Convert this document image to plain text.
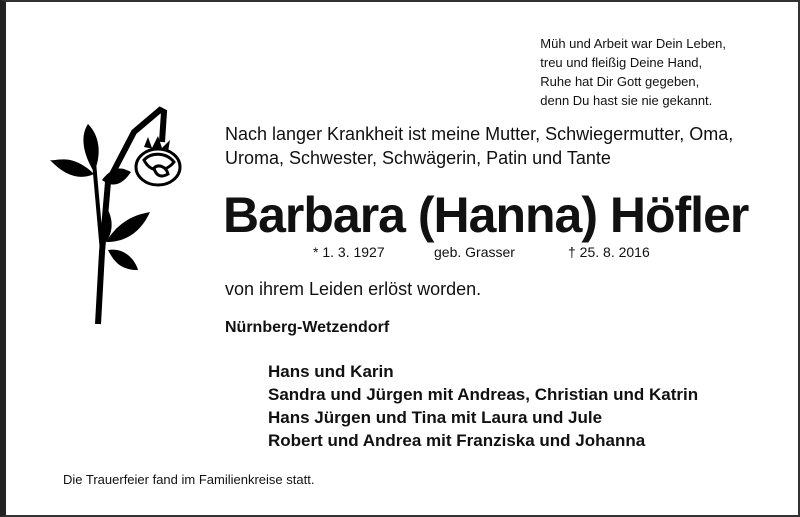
Müh und Arbeit war Dein Leben,
treu und fleißig Deine Hand,
Ruhe hat Dir Gott gegeben,
denn Du hast sie nie gekannt.
Nach langer Krankheit ist meine Mutter, Schwiegermutter, Oma,
Uroma, Schwester, Schwägerin, Patin und Tante
Barbara (Hanna) Höfler
* 1. 3. 1927	geb. Grasser	† 25. 8. 2016
von ihrem Leiden erlöst worden.
Nürnberg-Wetzendorf
Hans und Karin
Sandra und Jürgen mit Andreas, Christian und Katrin
Hans Jürgen und Tina mit Laura und Jule
Robert und Andrea mit Franziska und Johanna
Die Trauerfeier fand im Familienkreise statt.
